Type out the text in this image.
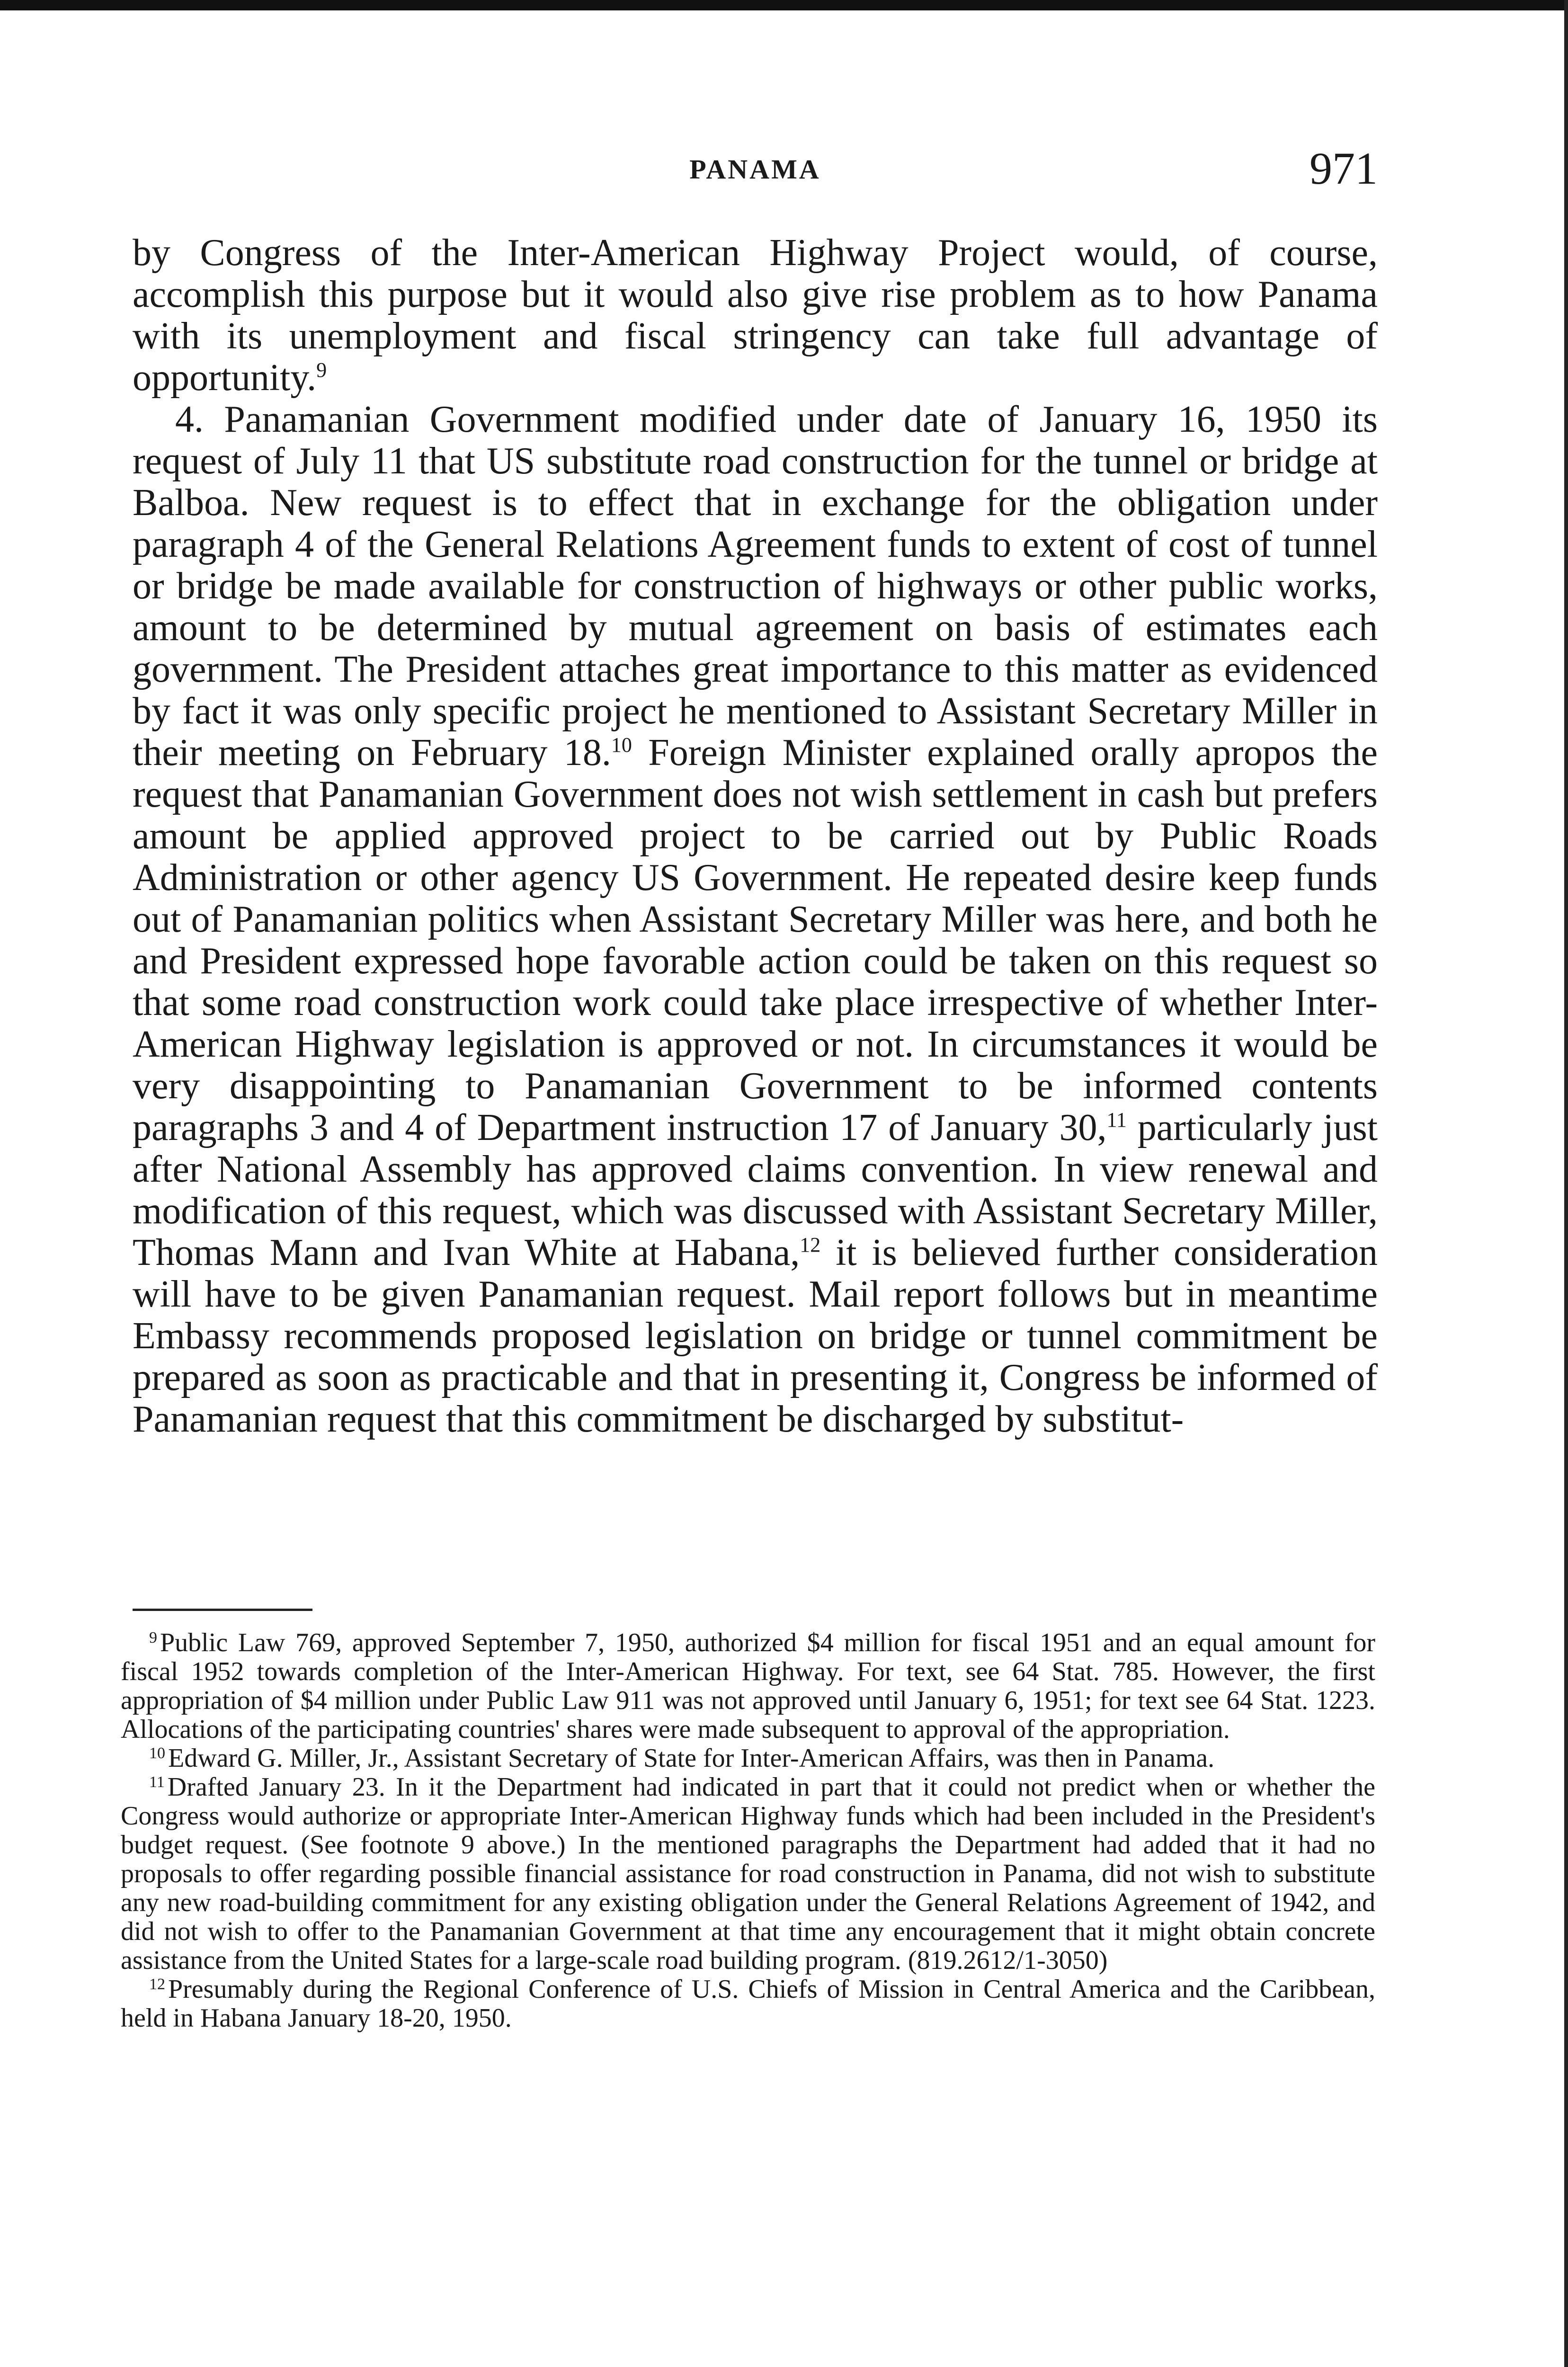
PANAMA	971

by Congress of the Inter-American Highway Project would, of course, accomplish this purpose but it would also give rise problem as to how Panama with its unemployment and fiscal stringency can take full advantage of opportunity.$^9$

4. Panamanian Government modified under date of January 16, 1950 its request of July 11 that US substitute road construction for the tunnel or bridge at Balboa. New request is to effect that in exchange for the obligation under paragraph 4 of the General Relations Agreement funds to extent of cost of tunnel or bridge be made available for construction of highways or other public works, amount to be determined by mutual agreement on basis of estimates each government. The President attaches great importance to this matter as evidenced by fact it was only specific project he mentioned to Assistant Secretary Miller in their meeting on February 18.10 Foreign Minister explained orally apropos the request that Panamanian Government does not wish settlement in cash but prefers amount be applied approved project to be carried out by Public Roads Administration or other agency US Government. He repeated desire keep funds out of Panamanian politics when Assistant Secretary Miller was here, and both he and President expressed hope favorable action could be taken on this request so that some road construction work could take place irrespective of whether Inter-American Highway legislation is approved or not. In circumstances it would be very disappointing to Panamanian Government to be informed contents paragraphs 3 and 4 of Department instruction 17 of January 30,11 particularly just after National Assembly has approved claims convention. In view renewal and modification of this request, which was discussed with Assistant Secretary Miller, Thomas Mann and Ivan White at Habana,$^{12}$ it is believed further consideration will have to be given Panamanian request. Mail report follows but in meantime Embassy recommends proposed legislation on bridge or tunnel commitment be prepared as soon as practicable and that in presenting it, Congress be informed of Panamanian request that this commitment be discharged by substitut-

$^9$ Public Law 769, approved September 7, 1950, authorized $4 million for fiscal 1951 and an equal amount for fiscal 1952 towards completion of the Inter-American Highway. For text, see 64 Stat. 785. However, the first appropriation of $4 million under Public Law 911 was not approved until January 6, 1951; for text see 64 Stat. 1223. Allocations of the participating countries' shares were made subsequent to approval of the appropriation.

$^{10}$ Edward G. Miller, Jr., Assistant Secretary of State for Inter-American Affairs, was then in Panama.

$^{11}$ Drafted January 23. In it the Department had indicated in part that it could not predict when or whether the Congress would authorize or appropriate Inter-American Highway funds which had been included in the President's budget request. (See footnote 9 above.) In the mentioned paragraphs the Department had added that it had no proposals to offer regarding possible financial assistance for road construction in Panama, did not wish to substitute any new road-building commitment for any existing obligation under the General Relations Agreement of 1942, and did not wish to offer to the Panamanian Government at that time any encouragement that it might obtain concrete assistance from the United States for a large-scale road building program. (819.2612/1-3050)

$^{12}$ Presumably during the Regional Conference of U.S. Chiefs of Mission in Central America and the Caribbean, held in Habana January 18-20, 1950.
